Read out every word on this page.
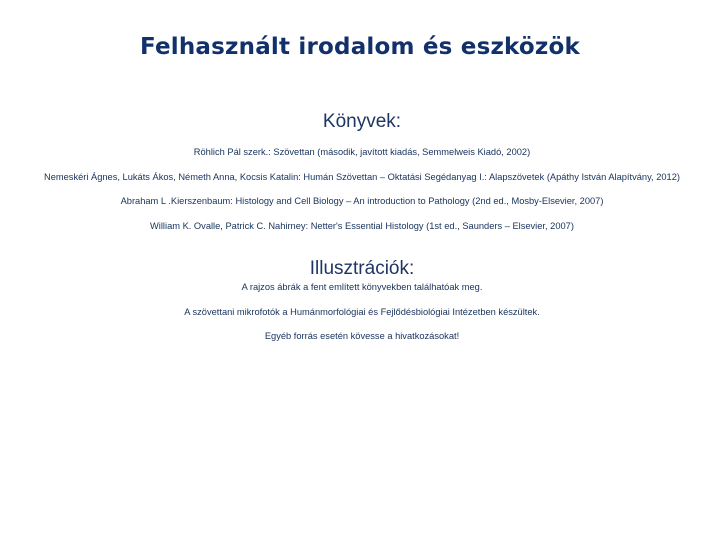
Felhasznált irodalom és eszközök
Könyvek:
Röhlich Pál szerk.: Szövettan (második, javított kiadás, Semmelweis Kiadó, 2002)
Nemeskéri Ágnes, Lukáts Ákos, Németh Anna, Kocsis Katalin: Humán Szövettan – Oktatási Segédanyag I.: Alapszövetek (Apáthy István Alapítvány, 2012)
Abraham L .Kierszenbaum: Histology and Cell Biology – An introduction to Pathology (2nd ed., Mosby-Elsevier, 2007)
William K. Ovalle, Patrick C. Nahirney: Netter's Essential Histology (1st ed., Saunders – Elsevier, 2007)
Illusztrációk:
A rajzos ábrák a fent említett könyvekben találhatóak meg.
A szövettani mikrofotók a Humánmorfológiai és Fejlődésbiológiai Intézetben készültek.
Egyéb forrás esetén kövesse a hivatkozásokat!
